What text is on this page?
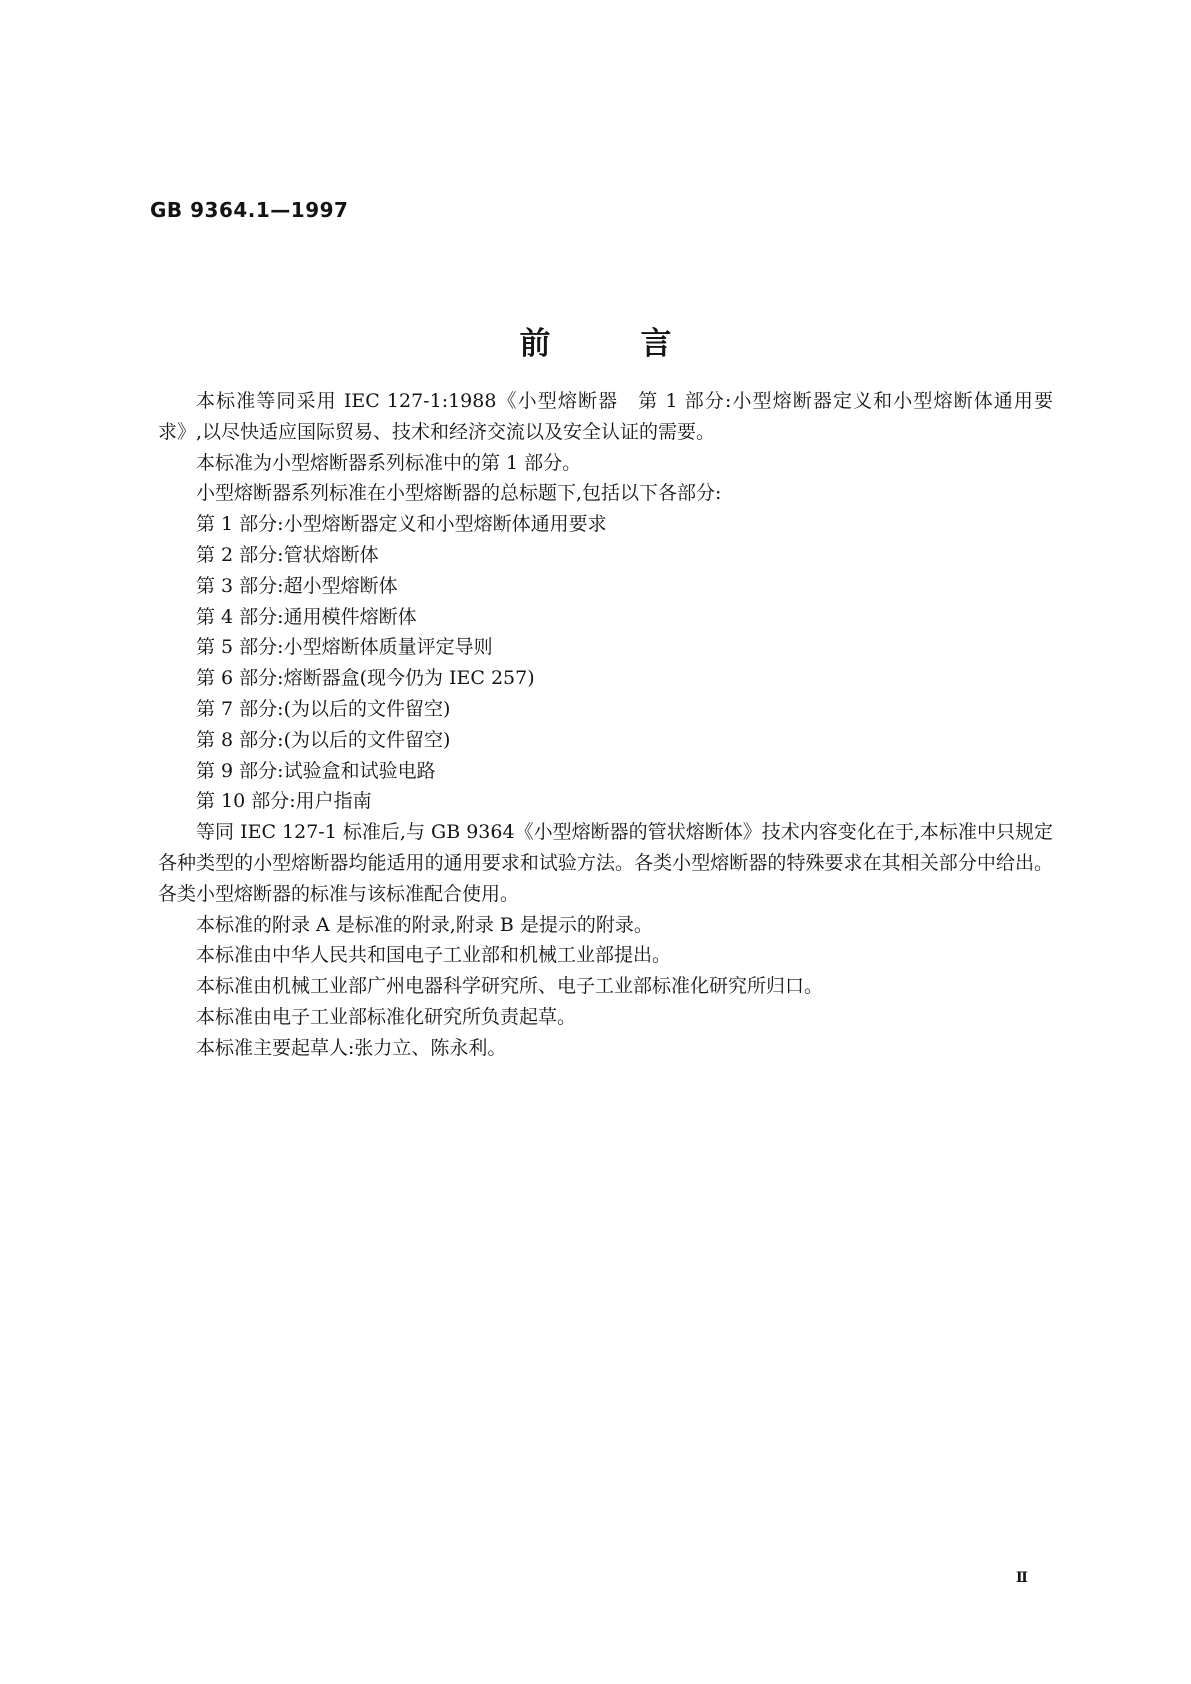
GB 9364.1—1997
前	言

本标准等同采用 IEC 127-1:1988《小型熔断器　第 1 部分:小型熔断器定义和小型熔断体通用要求》,以尽快适应国际贸易、技术和经济交流以及安全认证的需要。

本标准为小型熔断器系列标准中的第 1 部分。

小型熔断器系列标准在小型熔断器的总标题下,包括以下各部分:

第 1 部分:小型熔断器定义和小型熔断体通用要求

第 2 部分:管状熔断体

第 3 部分:超小型熔断体

第 4 部分:通用模件熔断体

第 5 部分:小型熔断体质量评定导则

第 6 部分:熔断器盒(现今仍为 IEC 257)

第 7 部分:(为以后的文件留空)

第 8 部分:(为以后的文件留空)

第 9 部分:试验盒和试验电路

第 10 部分:用户指南

等同 IEC 127-1 标准后,与 GB 9364《小型熔断器的管状熔断体》技术内容变化在于,本标准中只规定各种类型的小型熔断器均能适用的通用要求和试验方法。各类小型熔断器的特殊要求在其相关部分中给出。各类小型熔断器的标准与该标准配合使用。

本标准的附录 A 是标准的附录,附录 B 是提示的附录。

本标准由中华人民共和国电子工业部和机械工业部提出。

本标准由机械工业部广州电器科学研究所、电子工业部标准化研究所归口。

本标准由电子工业部标准化研究所负责起草。

本标准主要起草人:张力立、陈永利。

Ⅱ
